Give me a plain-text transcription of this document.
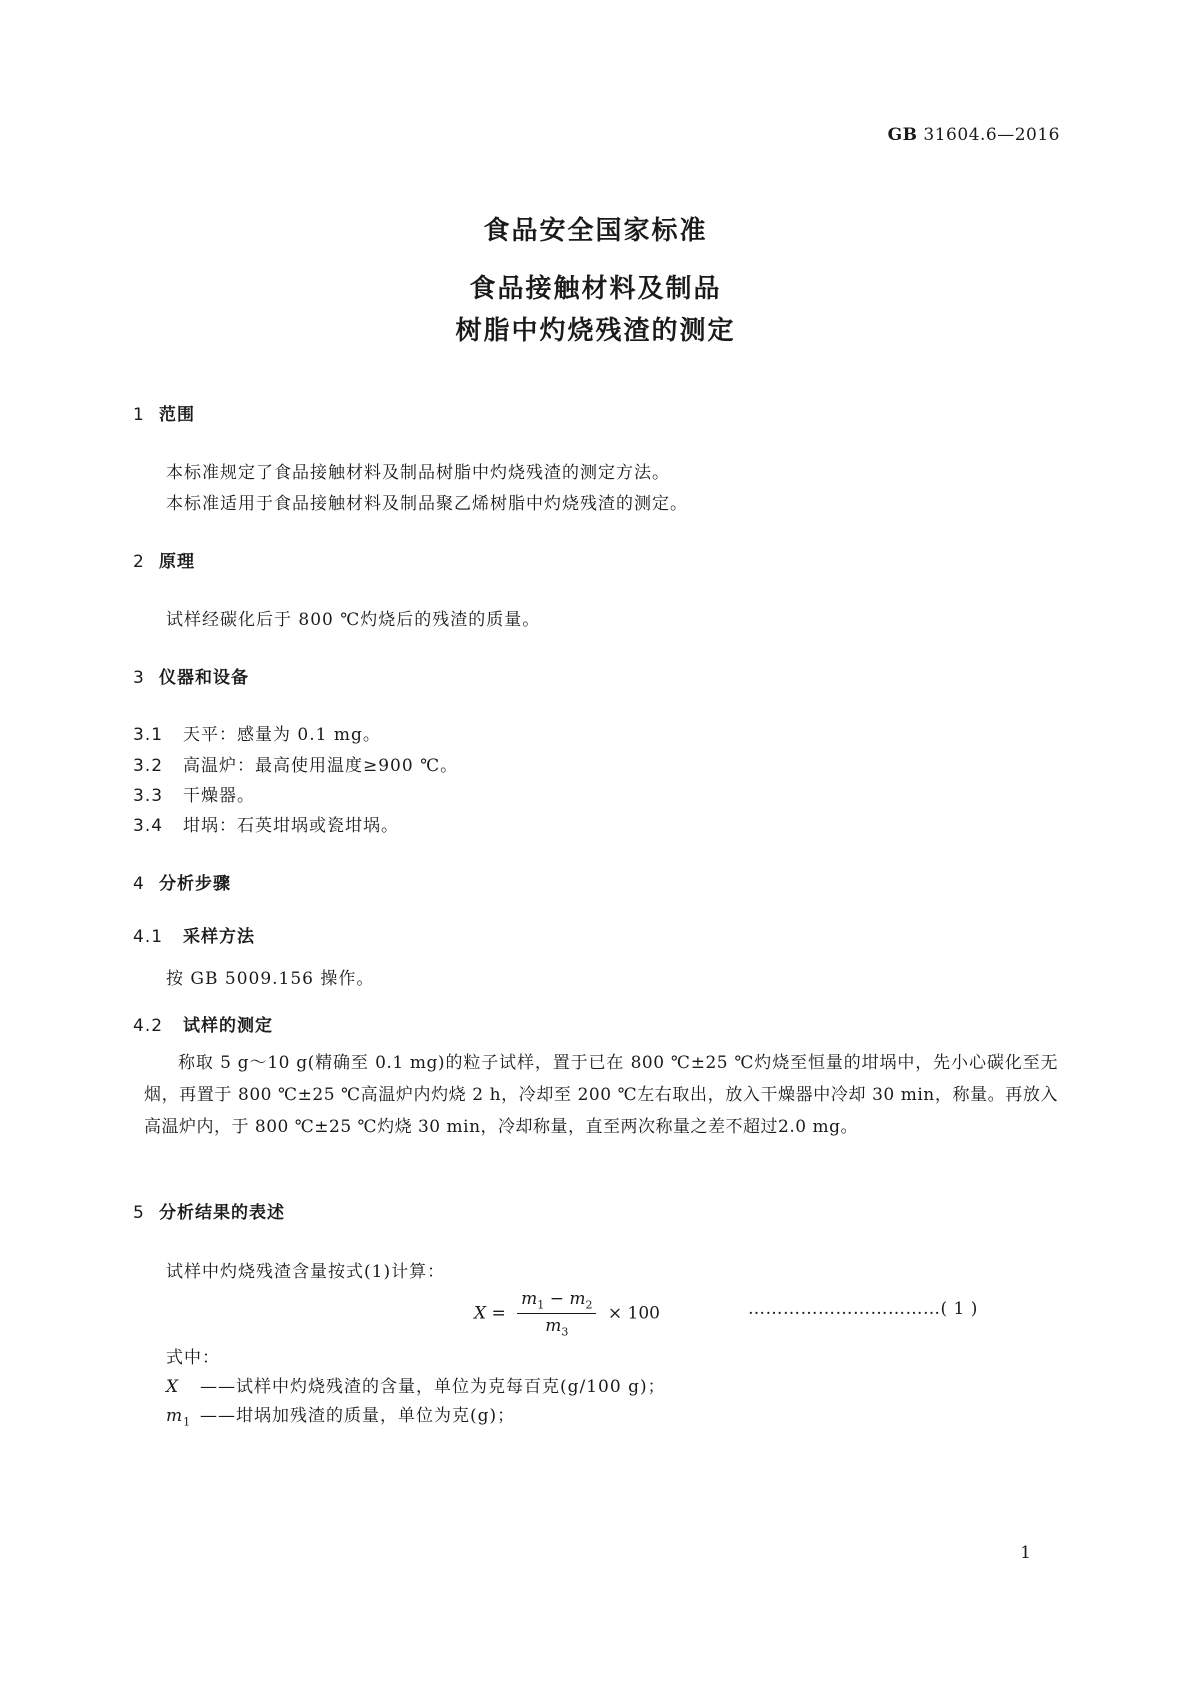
GB 31604.6—2016
食品安全国家标准
食品接触材料及制品
树脂中灼烧残渣的测定
1 范围
本标准规定了食品接触材料及制品树脂中灼烧残渣的测定方法。
本标准适用于食品接触材料及制品聚乙烯树脂中灼烧残渣的测定。
2 原理
试样经碳化后于 800 ℃灼烧后的残渣的质量。
3 仪器和设备
3.1 天平：感量为 0.1 mg。
3.2 高温炉：最高使用温度≥900 ℃。
3.3 干燥器。
3.4 坩埚：石英坩埚或瓷坩埚。
4 分析步骤
4.1 采样方法
按 GB 5009.156 操作。
4.2 试样的测定
称取 5 g～10 g(精确至 0.1 mg)的粒子试样，置于已在 800 ℃±25 ℃灼烧至恒量的坩埚中，先小心碳化至无烟，再置于 800 ℃±25 ℃高温炉内灼烧 2 h，冷却至 200 ℃左右取出，放入干燥器中冷却 30 min，称量。再放入高温炉内，于 800 ℃±25 ℃灼烧 30 min，冷却称量，直至两次称量之差不超过2.0 mg。
5 分析结果的表述
试样中灼烧残渣含量按式(1)计算：
$X = \frac{m_1 - m_2}{m_3} \times 100$	……………………………( 1 )
式中：
X ——试样中灼烧残渣的含量，单位为克每百克(g/100 g)；
$m_1$ ——坩埚加残渣的质量，单位为克(g)；
1
